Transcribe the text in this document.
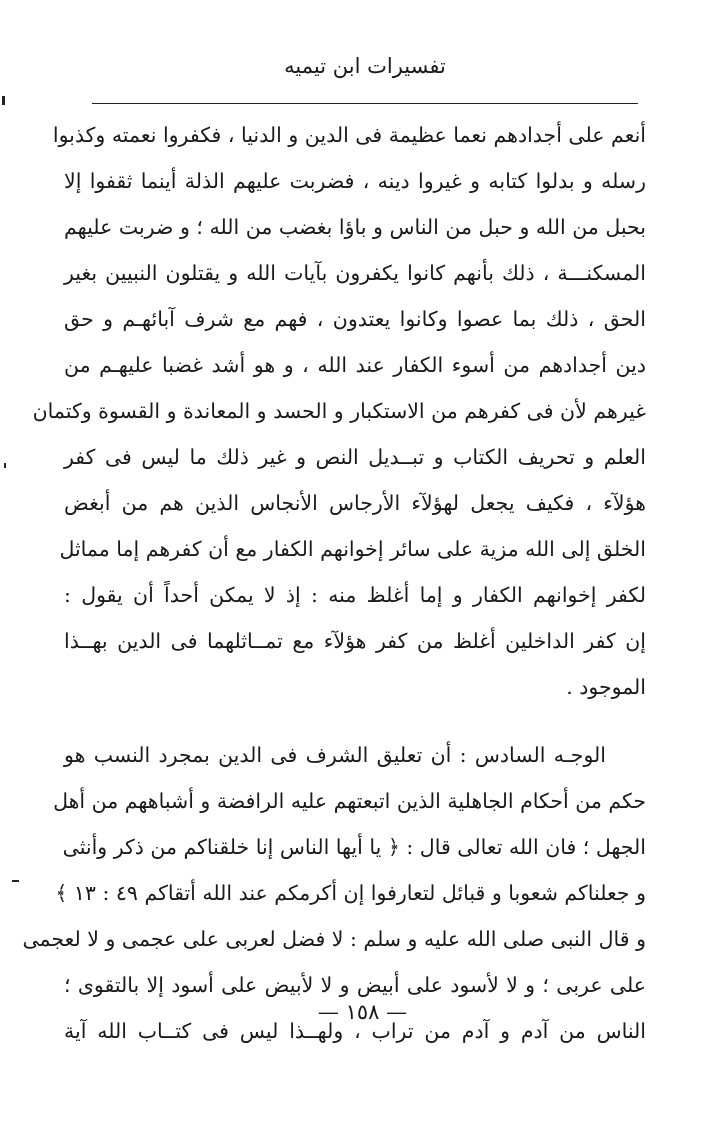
تفسيرات ابن تيميه
أنعم على أجدادهم نعما عظيمة فى الدين و الدنيا ، فكفروا نعمته وكذبوا
رسله و بدلوا كتابه و غيروا دينه ، فضربت عليهم الذلة أينما ثقفوا إلا
بحبل من الله و حبل من الناس و باؤا بغضب من الله ؛ و ضربت عليهم
المسكنـــة ، ذلك بأنهم كانوا يكفرون بآيات الله و يقتلون النبيين بغير
الحق ، ذلك بما عصوا وكانوا يعتدون ، فهم مع شرف آبائهـم و حق
دين أجدادهم من أسوء الكفار عند الله ، و هو أشد غضبا عليهـم من
غيرهم لأن فى كفرهم من الاستكبار و الحسد و المعاندة و القسوة وكتمان
العلم و تحريف الكتاب و تبــديل النص و غير ذلك ما ليس فى كفر
هؤلآء ، فكيف يجعل لهؤلآء الأرجاس الأنجاس الذين هم من أبغض
الخلق إلى الله مزية على سائر إخوانهم الكفار مع أن كفرهم إما مماثل
لكفر إخوانهم الكفار و إما أغلظ منه : إذ لا يمكن أحداً أن يقول :
إن كفر الداخلين أغلظ من كفر هؤلآء مع تمــاثلهما فى الدين بهــذا
الموجود .
الوجـه السادس : أن تعليق الشرف فى الدين بمجرد النسب هو
حكم من أحكام الجاهلية الذين اتبعتهم عليه الرافضة و أشباههم من أهل
الجهل ؛ فان الله تعالى قال : ﴿ يا أيها الناس إنا خلقناكم من ذكر وأنثى
و جعلناكم شعوبا و قبائل لتعارفوا إن أكرمكم عند الله أتقاكم ٤٩ : ١٣ ﴾
و قال النبى صلى الله عليه و سلم : لا فضل لعربى على عجمى و لا لعجمى
على عربى ؛ و لا لأسود على أبيض و لا لأبيض على أسود إلا بالتقوى ؛
الناس من آدم و آدم من تراب ، ولهــذا ليس فى كتــاب الله آية
— ١٥٨ —
